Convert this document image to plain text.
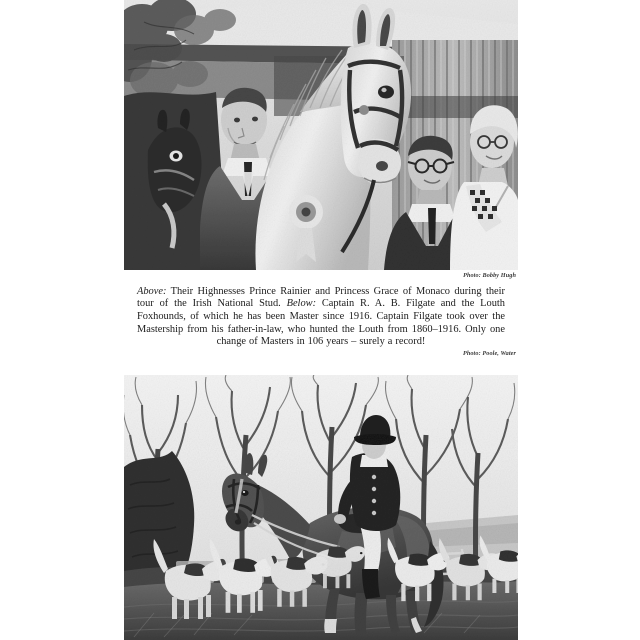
Photo: Bobby Hugh
Above: Their Highnesses Prince Rainier and Princess Grace of Monaco during their tour of the Irish National Stud. Below: Captain R. A. B. Filgate and the Louth Foxhounds, of which he has been Master since 1916. Captain Filgate took over the Mastership from his father-in-law, who hunted the Louth from 1860–1916. Only one change of Masters in 106 years – surely a record!
Photo: Poole, Water
